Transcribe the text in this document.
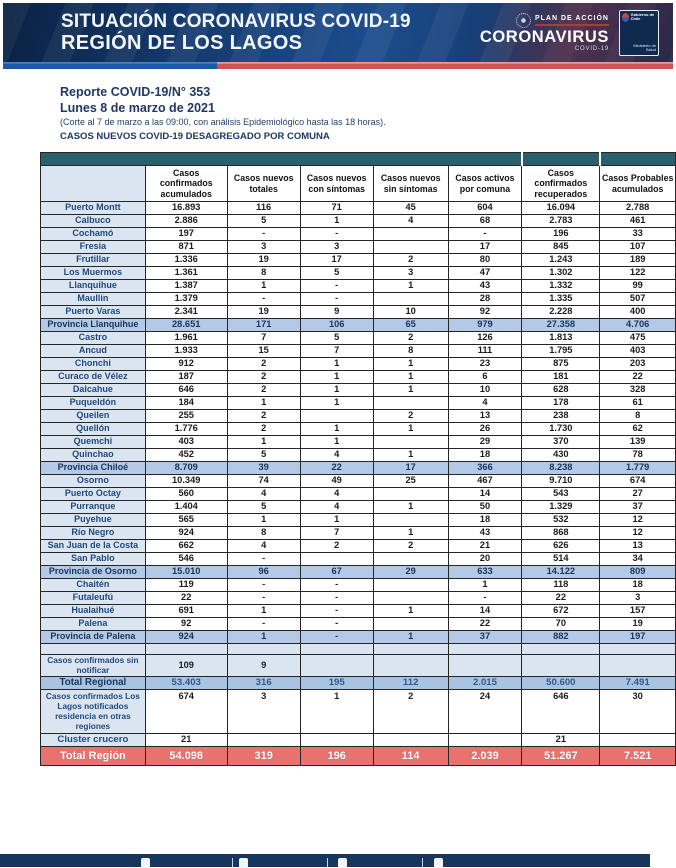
SITUACIÓN CORONAVIRUS COVID-19
REGIÓN DE LOS LAGOS
PLAN DE ACCIÓN
CORONAVIRUS
COVID-19
Gobierno de Chile
Ministerio de Salud
Reporte COVID-19/N° 353
Lunes 8 de marzo de 2021
(Corte al 7 de marzo a las 09:00, con análisis Epidemiológico hasta las 18 horas).
CASOS NUEVOS COVID-19 DESAGREGADO POR COMUNA

	Casos confirmados acumulados	Casos nuevos totales	Casos nuevos con síntomas	Casos nuevos sin síntomas	Casos activos por comuna	Casos confirmados recuperados	Casos Probables acumulados
Puerto Montt	16.893	116	71	45	604	16.094	2.788
Calbuco	2.886	5	1	4	68	2.783	461
Cochamó	197	-	-		-	196	33
Fresia	871	3	3		17	845	107
Frutillar	1.336	19	17	2	80	1.243	189
Los Muermos	1.361	8	5	3	47	1.302	122
Llanquihue	1.387	1	-	1	43	1.332	99
Maullín	1.379	-	-		28	1.335	507
Puerto Varas	2.341	19	9	10	92	2.228	400
Provincia Llanquihue	28.651	171	106	65	979	27.358	4.706
Castro	1.961	7	5	2	126	1.813	475
Ancud	1.933	15	7	8	111	1.795	403
Chonchi	912	2	1	1	23	875	203
Curaco de Vélez	187	2	1	1	6	181	22
Dalcahue	646	2	1	1	10	628	328
Puqueldón	184	1	1		4	178	61
Queilen	255	2		2	13	238	8
Quellón	1.776	2	1	1	26	1.730	62
Quemchi	403	1	1		29	370	139
Quinchao	452	5	4	1	18	430	78
Provincia Chiloé	8.709	39	22	17	366	8.238	1.779
Osorno	10.349	74	49	25	467	9.710	674
Puerto Octay	560	4	4		14	543	27
Purranque	1.404	5	4	1	50	1.329	37
Puyehue	565	1	1		18	532	12
Río Negro	924	8	7	1	43	868	12
San Juan de la Costa	662	4	2	2	21	626	13
San Pablo	546	-			20	514	34
Provincia de Osorno	15.010	96	67	29	633	14.122	809
Chaitén	119	-	-		1	118	18
Futaleufú	22	-	-		-	22	3
Hualaihué	691	1	-	1	14	672	157
Palena	92	-	-		22	70	19
Provincia de Palena	924	1	-	1	37	882	197

Casos confirmados sin notificar	109	9					
Total Regional	53.403	316	195	112	2.015	50.600	7.491
Casos confirmados Los Lagos notificados residencia en otras regiones	674	3	1	2	24	646	30
Cluster crucero	21					21	
Total Región	54.098	319	196	114	2.039	51.267	7.521
